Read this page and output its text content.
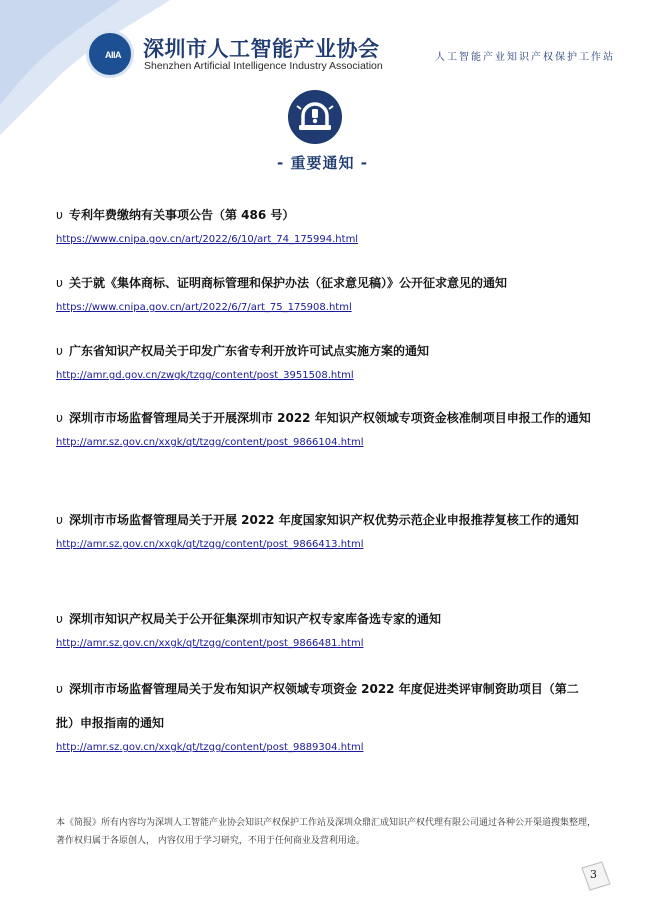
AIIA 深圳市人工智能产业协会
Shenzhen Artificial Intelligence Industry Association
人工智能产业知识产权保护工作站
- 重要通知 -

υ 专利年费缴纳有关事项公告（第 486 号）

https://www.cnipa.gov.cn/art/2022/6/10/art_74_175994.html

υ 关于就《集体商标、证明商标管理和保护办法（征求意见稿）》公开征求意见的通知

https://www.cnipa.gov.cn/art/2022/6/7/art_75_175908.html

υ 广东省知识产权局关于印发广东省专利开放许可试点实施方案的通知

http://amr.gd.gov.cn/zwgk/tzgg/content/post_3951508.html

υ 深圳市市场监督管理局关于开展深圳市 2022 年知识产权领域专项资金核准制项目申报工作的通知

http://amr.sz.gov.cn/xxgk/qt/tzgg/content/post_9866104.html

υ 深圳市市场监督管理局关于开展 2022 年度国家知识产权优势示范企业申报推荐复核工作的通知

http://amr.sz.gov.cn/xxgk/qt/tzgg/content/post_9866413.html

υ 深圳市知识产权局关于公开征集深圳市知识产权专家库备选专家的通知

http://amr.sz.gov.cn/xxgk/qt/tzgg/content/post_9866481.html

υ 深圳市市场监督管理局关于发布知识产权领域专项资金 2022 年度促进类评审制资助项目（第二批）申报指南的通知

http://amr.sz.gov.cn/xxgk/qt/tzgg/content/post_9889304.html
本《简报》所有内容均为深圳人工智能产业协会知识产权保护工作站及深圳众鼎汇成知识产权代理有限公司通过各种公开渠道搜集整理，著作权归属于各原创人， 内容仅用于学习研究，不用于任何商业及营利用途。
3
